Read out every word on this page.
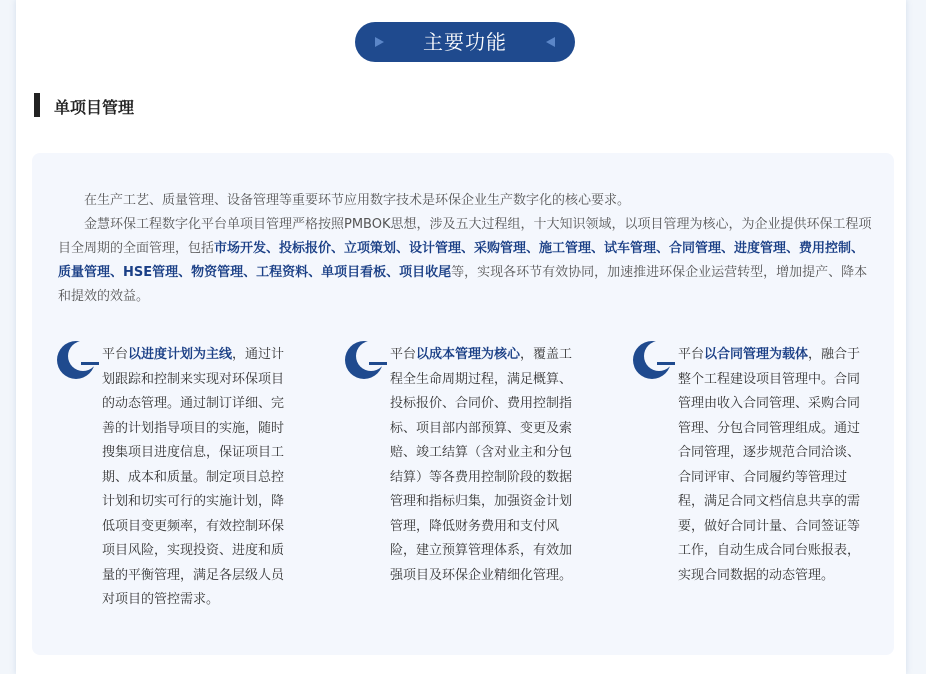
主要功能
单项目管理

在生产工艺、质量管理、设备管理等重要环节应用数字技术是环保企业生产数字化的核心要求。

金慧环保工程数字化平台单项目管理严格按照PMBOK思想，涉及五大过程组，十大知识领域，以项目管理为核心，为企业提供环保工程项目全周期的全面管理，包括市场开发、投标报价、立项策划、设计管理、采购管理、施工管理、试车管理、合同管理、进度管理、费用控制、质量管理、HSE管理、物资管理、工程资料、单项目看板、项目收尾等，实现各环节有效协同，加速推进环保企业运营转型，增加提产、降本和提效的效益。

平台以进度计划为主线，通过计划跟踪和控制来实现对环保项目的动态管理。通过制订详细、完善的计划指导项目的实施，随时搜集项目进度信息，保证项目工期、成本和质量。制定项目总控计划和切实可行的实施计划，降低项目变更频率，有效控制环保项目风险，实现投资、进度和质量的平衡管理，满足各层级人员对项目的管控需求。
平台以成本管理为核心，覆盖工程全生命周期过程，满足概算、投标报价、合同价、费用控制指标、项目部内部预算、变更及索赔、竣工结算（含对业主和分包结算）等各费用控制阶段的数据管理和指标归集，加强资金计划管理，降低财务费用和支付风险，建立预算管理体系，有效加强项目及环保企业精细化管理。
平台以合同管理为载体，融合于整个工程建设项目管理中。合同管理由收入合同管理、采购合同管理、分包合同管理组成。通过合同管理，逐步规范合同洽谈、合同评审、合同履约等管理过程，满足合同文档信息共享的需要，做好合同计量、合同签证等工作，自动生成合同台账报表，实现合同数据的动态管理。
